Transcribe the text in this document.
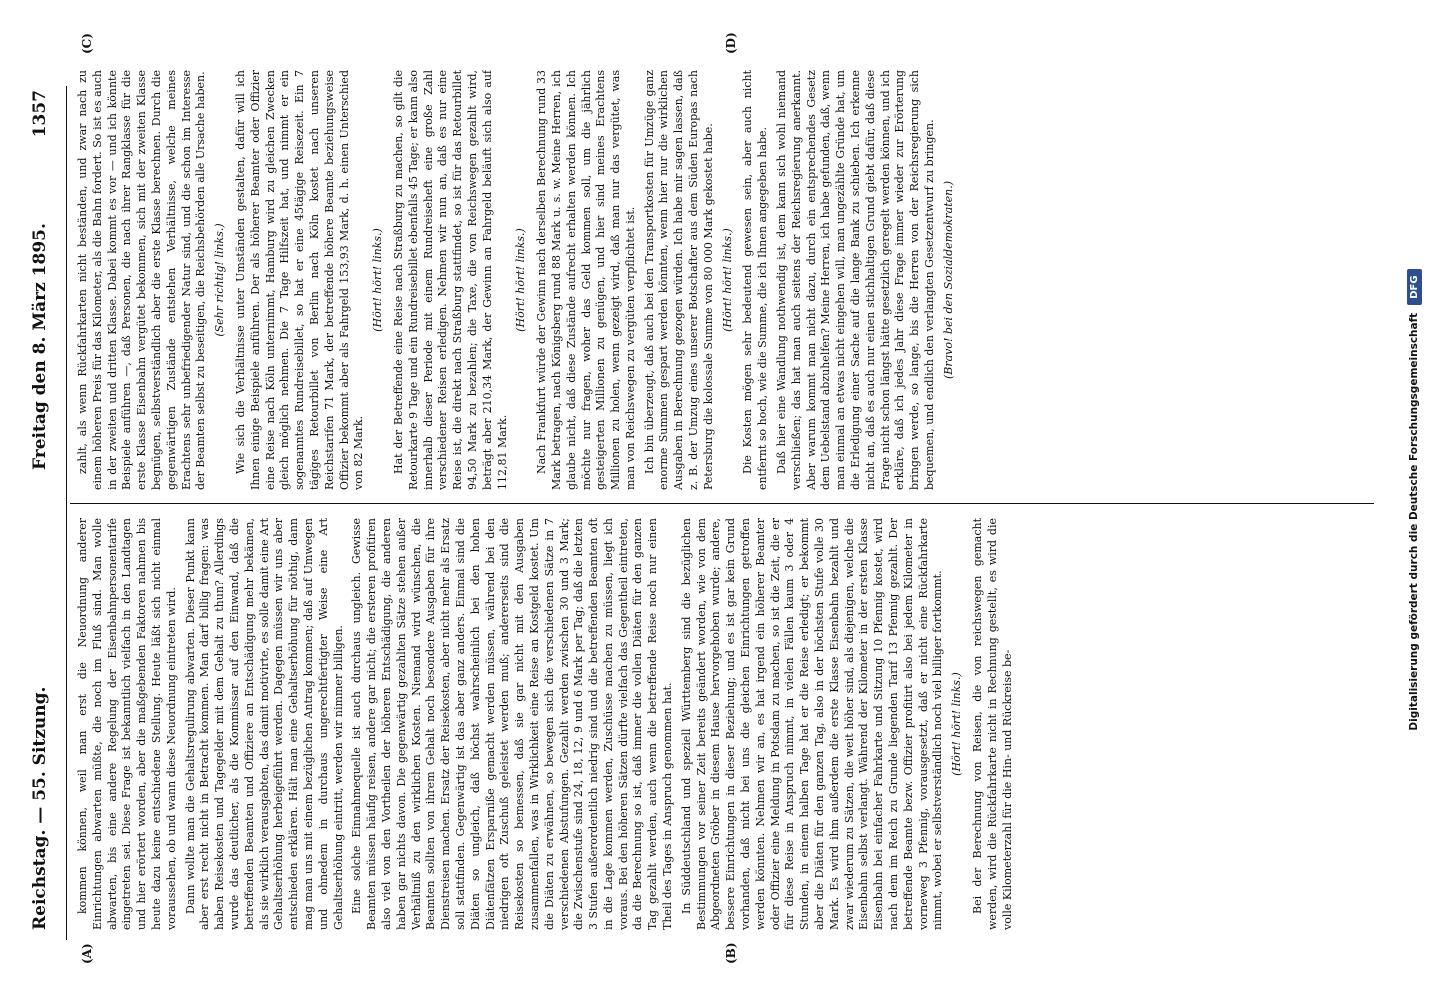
Reichstag. — 55. Sitzung.
Freitag den 8. März 1895.
1357
(A)	(B)
(C)	(D)

kommen können, weil man erst die Neuordnung anderer Einrichtungen abwarten müßte, die noch im Fluß sind. Man wolle abwarten, bis eine andere Regelung der Eisenbahnpersonentarife eingetreten sei. Diese Frage ist bekanntlich vielfach in den Landtagen und hier erörtert worden, aber die maßgebenden Faktoren nahmen bis heute dazu keine entschiedene Stellung. Heute läßt sich nicht einmal voraussehen, ob und wann diese Neuordnung eintreten wird. Dann wollte man die Gehaltsregulirung abwarten. Dieser Punkt kann aber erst recht nicht in Betracht kommen. Man darf billig fragen: was haben Reisekosten und Tagegelder mit dem Gehalt zu thun? Allerdings wurde das deutlicher, als die Kommissar auf den Einwand, daß die betreffenden Beamten und Offiziere an Entschädigung mehr bekämen, als sie wirklich verausgabten, das damit motivirte, es solle damit eine Art Gehaltserhöhung herbeigeführt werden. Dagegen müssen wir uns aber entschieden erklären. Hält man eine Gehaltserhöhung für nöthig, dann mag man uns mit einem bezüglichen Antrag kommen; daß auf Umwegen und ohnedem in durchaus ungerechtfertigter Weise eine Art Gehaltserhöhung eintritt, werden wir nimmer billigen. Eine solche Einnahmequelle ist auch durchaus ungleich. Gewisse Beamten müssen häufig reisen, andere gar nicht; die ersteren profitiren also viel von den Vortheilen der höheren Entschädigung, die anderen haben gar nichts davon. Die gegenwärtig gezahlten Sätze stehen außer Verhältniß zu den wirklichen Kosten. Niemand wird wünschen, die Beamten sollten von ihrem Gehalt noch besondere Ausgaben für ihre Dienstreisen machen. Ersatz der Reisekosten, aber nicht mehr als Ersatz soll stattfinden. Gegenwärtig ist das aber ganz anders. Einmal sind die Diäten so ungleich, daß höchst wahrscheinlich bei den hohen Diätenfätzen Ersparniße gemacht werden müssen, während bei den niedrigen oft Zuschuß geleistet werden muß; andererseits sind die Reisekosten so bemessen, daß sie gar nicht mit den Ausgaben zusammenfallen, was in Wirklichkeit eine Reise an Kostgeld kostet. Um die Diäten zu erwähnen, so bewegen sich die verschiedenen Sätze in 7 verschiedenen Abstufungen. Gezahlt werden zwischen 30 und 3 Mark; die Zwischenstufe sind 24, 18, 12, 9 und 6 Mark per Tag; daß die letzten 3 Stufen außerordentlich niedrig sind und die betreffenden Beamten oft in die Lage kommen werden, Zuschüsse machen zu müssen, liegt ich voraus. Bei den höheren Sätzen dürfte vielfach das Gegentheil eintreten, da die Berechnung so ist, daß immer die vollen Diäten für den ganzen Tag gezahlt werden, auch wenn die betreffende Reise noch nur einen Theil des Tages in Anspruch genommen hat. In Süddeutschland und speziell Württemberg sind die bezüglichen Bestimmungen vor seiner Zeit bereits geändert worden, wie von dem Abgeordneten Gröber in diesem Hause hervorgehoben wurde; andere, bessere Einrichtungen in dieser Beziehung; und es ist gar kein Grund vorhanden, daß nicht bei uns die gleichen Einrichtungen getroffen werden könnten. Nehmen wir an, es hat irgend ein höherer Beamter oder Offizier eine Meldung in Potsdam zu machen, so ist die Zeit, die er für diese Reise in Anspruch nimmt, in vielen Fällen kaum 3 oder 4 Stunden, in einem halben Tage hat er die Reise erledigt; er bekommt aber die Diäten für den ganzen Tag, also in der höchsten Stufe volle 30 Mark. Es wird ihm außerdem die erste Klasse Eisenbahn bezahlt und zwar wiederum zu Sätzen, die weit höher sind, als diejenigen, welche die Eisenbahn selbst verlangt. Während der Kilometer in der ersten Klasse Eisenbahn bei einfacher Fahrkarte und Sitzung 10 Pfennig kostet, wird nach dem im Reich zu Grunde liegenden Tarif 13 Pfennig gezahlt. Der betreffende Beamte bezw. Offizier profitirt also bei jedem Kilometer in vorneweg 3 Pfennig, vorausgesetzt, daß er nicht eine Rückfahrkarte nimmt, wobei er selbstverständlich noch viel billiger fortkommt. (Hört! hört! links.) Bei der Berechnung von Reisen, die von reichswegen gemacht werden, wird die Rückfahrkarte nicht in Rechnung gestellt, es wird die volle Kilometerzahl für die Hin- und Rückreise be-

zahlt, als wenn Rückfahrkarten nicht beständen, und zwar nach zu einem höheren Preis für das Kilometer, als die Bahn fordert. So ist es auch in der zweiten und dritten Klasse. Dabei kommt es vor — und ich könnte Beispiele anführen —, daß Personen, die nach ihrer Rangklasse für die erste Klasse Eisenbahn vergütet bekommen, sich mit der zweiten Klasse begnügen, selbstverständlich aber die erste Klasse berechnen. Durch die gegenwärtigen Zustände entstehen Verhältnisse, welche meines Erachtens sehr unbefriedigender Natur sind, und die schon im Interesse der Beamten selbst zu beseitigen, die Reichsbehörden alle Ursache haben. (Sehr richtig! links.) Wie sich die Verhältnisse unter Umständen gestalten, dafür will ich Ihnen einige Beispiele anführen. Der als höherer Beamter oder Offizier eine Reise nach Köln unternimmt, Hamburg wird zu gleichen Zwecken gleich möglich nehmen. Die 7 Tage Hilfszeit hat, und nimmt er ein sogenanntes Rundreisebillet, so hat er eine 45tägige Reisezeit. Ein 7 tägiges Retourbillet von Berlin nach Köln kostet nach unseren Reichstarifen 71 Mark, der betreffende höhere Beamte beziehungsweise Offizier bekommt aber als Fahrgeld 153,93 Mark, d. h. einen Unterschied von 82 Mark.

(Hört! hört! links.) Hat der Betreffende eine Reise nach Straßburg zu machen, so gilt die Retourkarte 9 Tage und ein Rundreisebillet ebenfalls 45 Tage; er kann also innerhalb dieser Periode mit einem Rundreiseheft eine große Zahl verschiedener Reisen erledigen. Nehmen wir nun an, daß es nur eine Reise ist, die direkt nach Straßburg stattfindet, so ist für das Retourbillet 94,50 Mark zu bezahlen; die Taxe, die von Reichswegen gezahlt wird, beträgt aber 210,34 Mark, der Gewinn an Fahrgeld beläuft sich also auf 112,81 Mark.

(Hört! hört! links.) Nach Frankfurt würde der Gewinn nach derselben Berechnung rund 33 Mark betragen, nach Königsberg rund 88 Mark u. s. w. Meine Herren, ich glaube nicht, daß diese Zustände aufrecht erhalten werden können. Ich möchte nur fragen, woher das Geld kommen soll, um die jährlich gesteigerten Millionen zu genügen, und hier sind meines Erachtens Millionen zu holen, wenn gezeigt wird, daß man nur das vergütet, was man von Reichswegen zu vergüten verpflichtet ist. Ich bin überzeugt, daß auch bei den Transportkosten für Umzüge ganz enorme Summen gespart werden könnten, wenn hier nur die wirklichen Ausgaben in Berechnung gezogen würden. Ich habe mir sagen lassen, daß z. B. der Umzug eines unserer Botschafter aus dem Süden Europas nach Petersburg die kolossale Summe von 80 000 Mark gekostet habe. (Hört! hört! links.) Die Kosten mögen sehr bedeutend gewesen sein, aber auch nicht entfernt so hoch, wie die Summe, die ich Ihnen angegeben habe. Daß hier eine Wandlung nothwendig ist, dem kann sich wohl niemand verschließen; das hat man auch seitens der Reichsregierung anerkannt. Aber warum kommt man nicht dazu, durch ein entsprechendes Gesetz dem Uebelstand abzuhelfen? Meine Herren, ich habe gefunden, daß, wenn man einmal an etwas nicht eingehen will, man ungezählte Gründe hat, um die Erledigung einer Sache auf die lange Bank zu schieben. Ich erkenne nicht an, daß es auch nur einen stichhaltigen Grund giebt dafür, daß diese Frage nicht schon längst hätte gesetzlich geregelt werden können, und ich erkläre, daß ich jedes Jahr diese Frage immer wieder zur Erörterung bringen werde, so lange, bis die Herren von der Reichsregierung sich bequemen, und endlich den verlangten Gesetzentwurf zu bringen. (Bravo! bei den Sozialdemokraten.)

Digitalisierung gefördert durch die Deutsche Forschungsgemeinschaft
DFG
